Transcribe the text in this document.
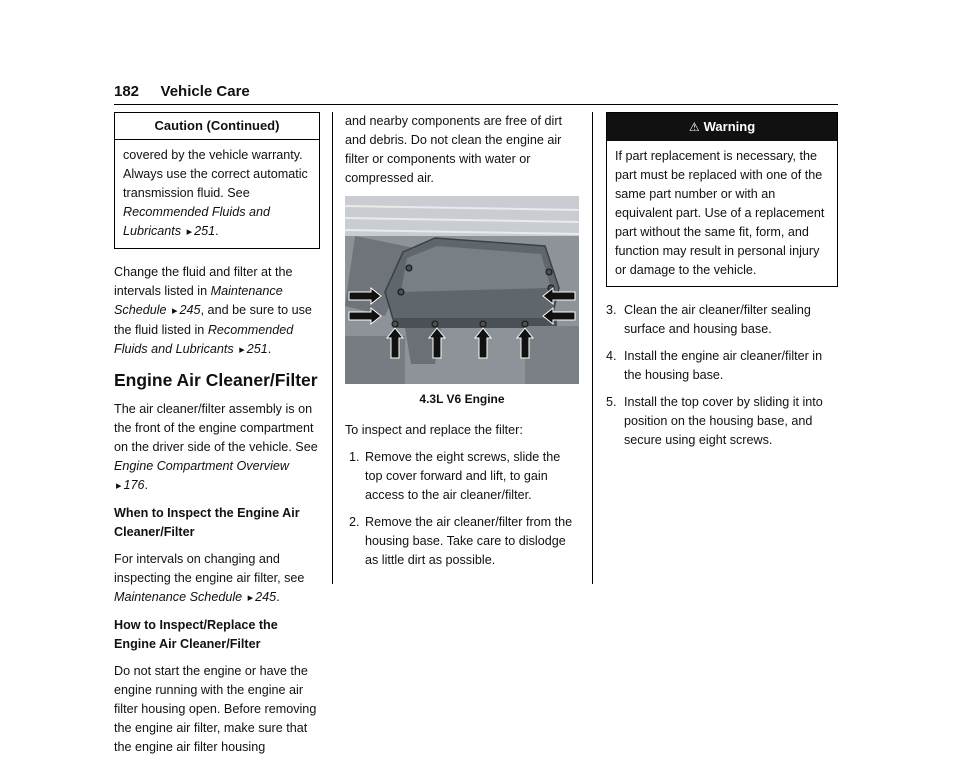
182 Vehicle Care
Caution (Continued)
covered by the vehicle warranty. Always use the correct automatic transmission fluid. See Recommended Fluids and Lubricants ▸ 251.

Change the fluid and filter at the intervals listed in Maintenance Schedule ▸ 245, and be sure to use the fluid listed in Recommended Fluids and Lubricants ▸ 251.

Engine Air Cleaner/Filter

The air cleaner/filter assembly is on the front of the engine compartment on the driver side of the vehicle. See Engine Compartment Overview ▸ 176.

When to Inspect the Engine Air Cleaner/Filter

For intervals on changing and inspecting the engine air filter, see Maintenance Schedule ▸ 245.

How to Inspect/Replace the Engine Air Cleaner/Filter

Do not start the engine or have the engine running with the engine air filter housing open. Before removing the engine air filter, make sure that the engine air filter housing

and nearby components are free of dirt and debris. Do not clean the engine air filter or components with water or compressed air.

4.3L V6 Engine

To inspect and replace the filter:

1. Remove the eight screws, slide the top cover forward and lift, to gain access to the air cleaner/filter.
2. Remove the air cleaner/filter from the housing base. Take care to dislodge as little dirt as possible.
⚠ Warning
If part replacement is necessary, the part must be replaced with one of the same part number or with an equivalent part. Use of a replacement part without the same fit, form, and function may result in personal injury or damage to the vehicle.
3. Clean the air cleaner/filter sealing surface and housing base.
4. Install the engine air cleaner/filter in the housing base.
5. Install the top cover by sliding it into position on the housing base, and secure using eight screws.
